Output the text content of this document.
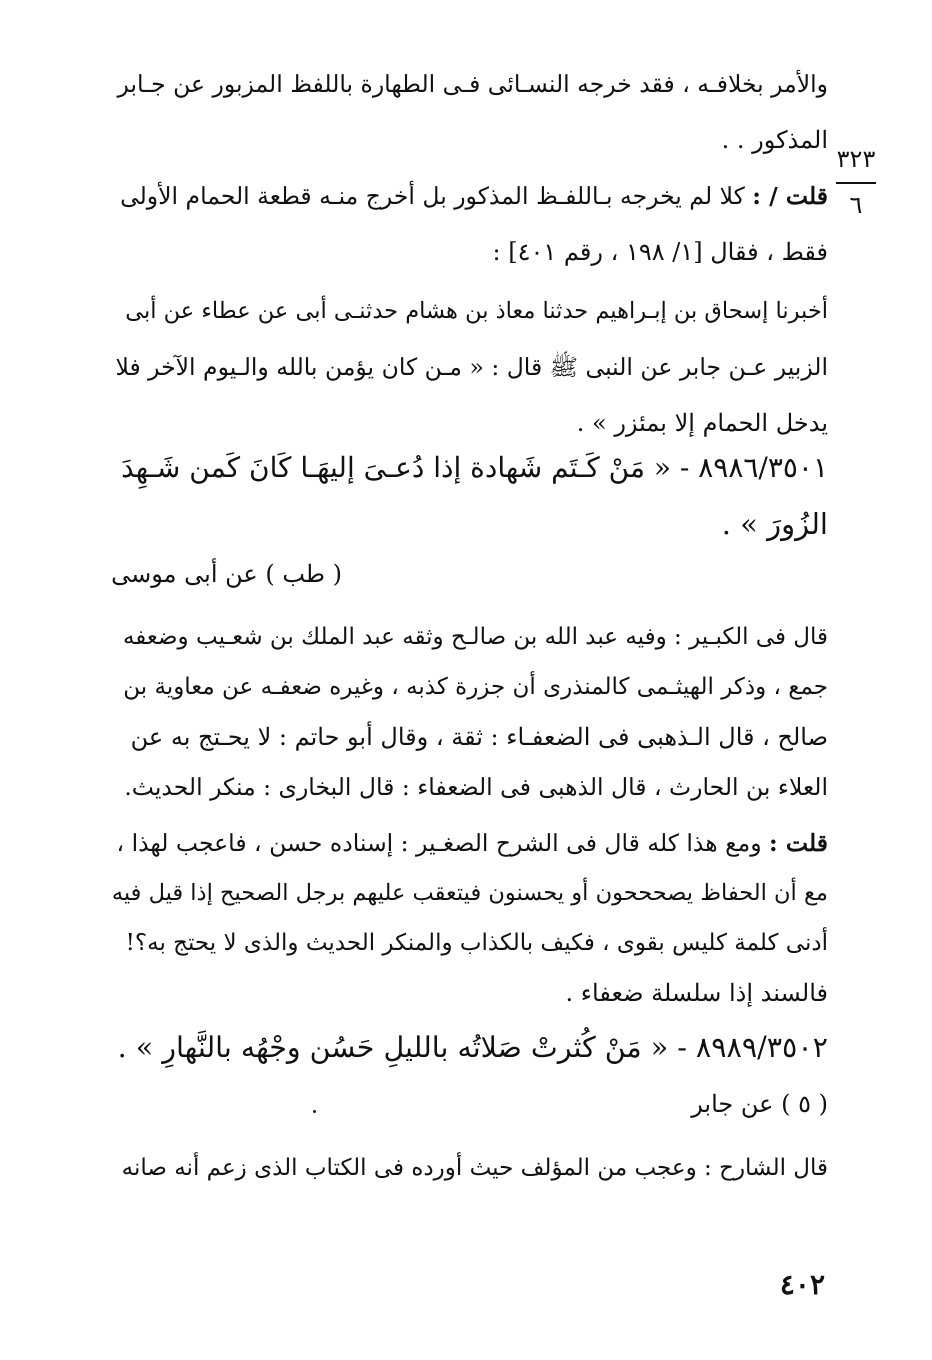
٣٢٣
٦
والأمر بخلافـه ، فقد خرجه النسـائى فـى الطهارة باللفظ المزبور عن جـابر
المذكور . .
قلت / : كلا لم يخرجه بـاللفـظ المذكور بل أخرج منـه قطعة الحمام الأولى
فقط ، فقال [١/ ١٩٨ ، رقم ٤٠١] :
أخبرنا إسحاق بن إبـراهيم حدثنا معاذ بن هشام حدثنـى أبى عن عطاء عن أبى
الزبير عـن جابر عن النبى ﷺ قال : « مـن كان يؤمن بالله والـيوم الآخر فلا
يدخل الحمام إلا بمئزر » .
٨٩٨٦/٣٥٠١ - « مَنْ كَـتَم شَهادة إذا دُعـىَ إليهَـا كَانَ كَمن شَـهِدَ
الزُورَ » .
( طب ) عن أبى موسى
قال فى الكبـير : وفيه عبد الله بن صالـح وثقه عبد الملك بن شعـيب وضعفه
جمع ، وذكر الهيثـمى كالمنذرى أن جزرة كذبه ، وغيره ضعفـه عن معاوية بن
صالح ، قال الـذهبى فى الضعفـاء : ثقة ، وقال أبو حاتم : لا يحـتج به عن
العلاء بن الحارث ، قال الذهبى فى الضعفاء : قال البخارى : منكر الحديث.
قلت : ومع هذا كله قال فى الشرح الصغـير : إسناده حسن ، فاعجب لهذا ،
مع أن الحفاظ يصحححون أو يحسنون فيتعقب عليهم برجل الصحيح إذا قيل فيه
أدنى كلمة كليس بقوى ، فكيف بالكذاب والمنكر الحديث والذى لا يحتج به؟!
فالسند إذا سلسلة ضعفاء .
٨٩٨٩/٣٥٠٢ - « مَنْ كُثرتْ صَلاتُه بالليلِ حَسُن وجْهُه بالنَّهارِ » .
( ٥ ) عن جابر
قال الشارح : وعجب من المؤلف حيث أورده فى الكتاب الذى زعم أنه صانه
٤٠٢
